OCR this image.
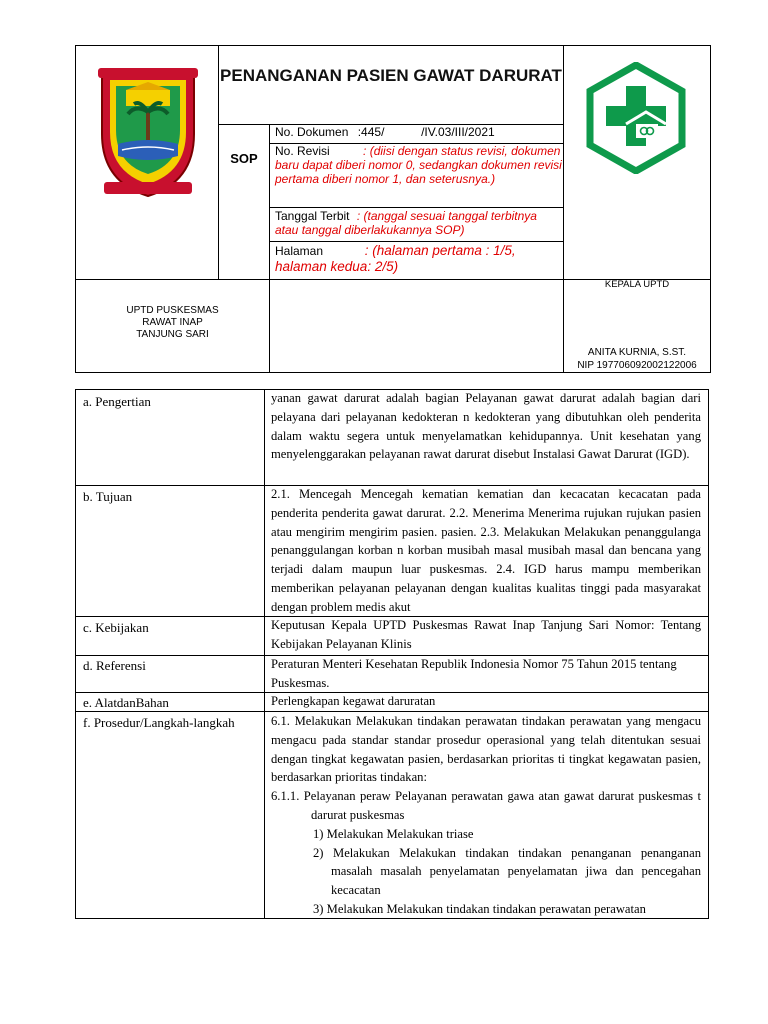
PENANGANAN PASIEN GAWAT DARURAT
SOP
No. Dokumen :445/           /IV.03/III/2021
No. Revisi	: (diisi dengan status revisi, dokumen baru dapat diberi nomor 0, sedangkan dokumen revisi pertama diberi nomor 1, dan seterusnya.)
Tanggal Terbit : (tanggal sesuai tanggal terbitnya atau tanggal diberlakukannya SOP)
Halaman	: (halaman pertama : 1/5, halaman kedua: 2/5)
UPTD PUSKESMAS
RAWAT INAP
TANJUNG SARI
KEPALA UPTD
ANITA KURNIA, S.ST.
NIP 197706092002122006
a. Pengertian	yanan gawat darurat adalah bagian Pelayanan gawat darurat adalah bagian dari pelayana dari pelayanan kedokteran n kedokteran yang dibutuhkan oleh penderita dalam waktu segera untuk menyelamatkan kehidupannya. Unit kesehatan yang menyelenggarakan pelayanan rawat darurat disebut Instalasi Gawat Darurat (IGD).
b. Tujuan	2.1. Mencegah Mencegah kematian kematian dan kecacatan kecacatan pada penderita penderita gawat darurat. 2.2. Menerima Menerima rujukan rujukan pasien atau mengirim mengirim pasien. pasien. 2.3. Melakukan Melakukan penanggulanga penanggulangan korban n korban musibah masal musibah masal dan bencana yang terjadi dalam maupun luar puskesmas. 2.4. IGD harus mampu memberikan memberikan pelayanan pelayanan dengan kualitas kualitas tinggi pada masyarakat dengan problem medis akut
c. Kebijakan	Keputusan Kepala UPTD Puskesmas Rawat Inap Tanjung Sari Nomor: Tentang Kebijakan Pelayanan Klinis
d. Referensi	Peraturan Menteri Kesehatan Republik Indonesia Nomor 75 Tahun 2015 tentang Puskesmas.
e. AlatdanBahan	Perlengkapan kegawat daruratan
f. Prosedur/Langkah-langkah	6.1. Melakukan Melakukan tindakan perawatan tindakan perawatan yang mengacu mengacu pada standar standar prosedur operasional yang telah ditentukan sesuai dengan tingkat kegawatan pasien, berdasarkan prioritas ti tingkat kegawatan pasien, berdasarkan prioritas tindakan:
6.1.1. Pelayanan peraw Pelayanan perawatan gawa atan gawat darurat puskesmas t darurat puskesmas
1) Melakukan Melakukan triase
2) Melakukan Melakukan tindakan tindakan penanganan penanganan masalah masalah penyelamatan penyelamatan jiwa dan pencegahan kecacatan
3) Melakukan Melakukan tindakan tindakan perawatan perawatan
